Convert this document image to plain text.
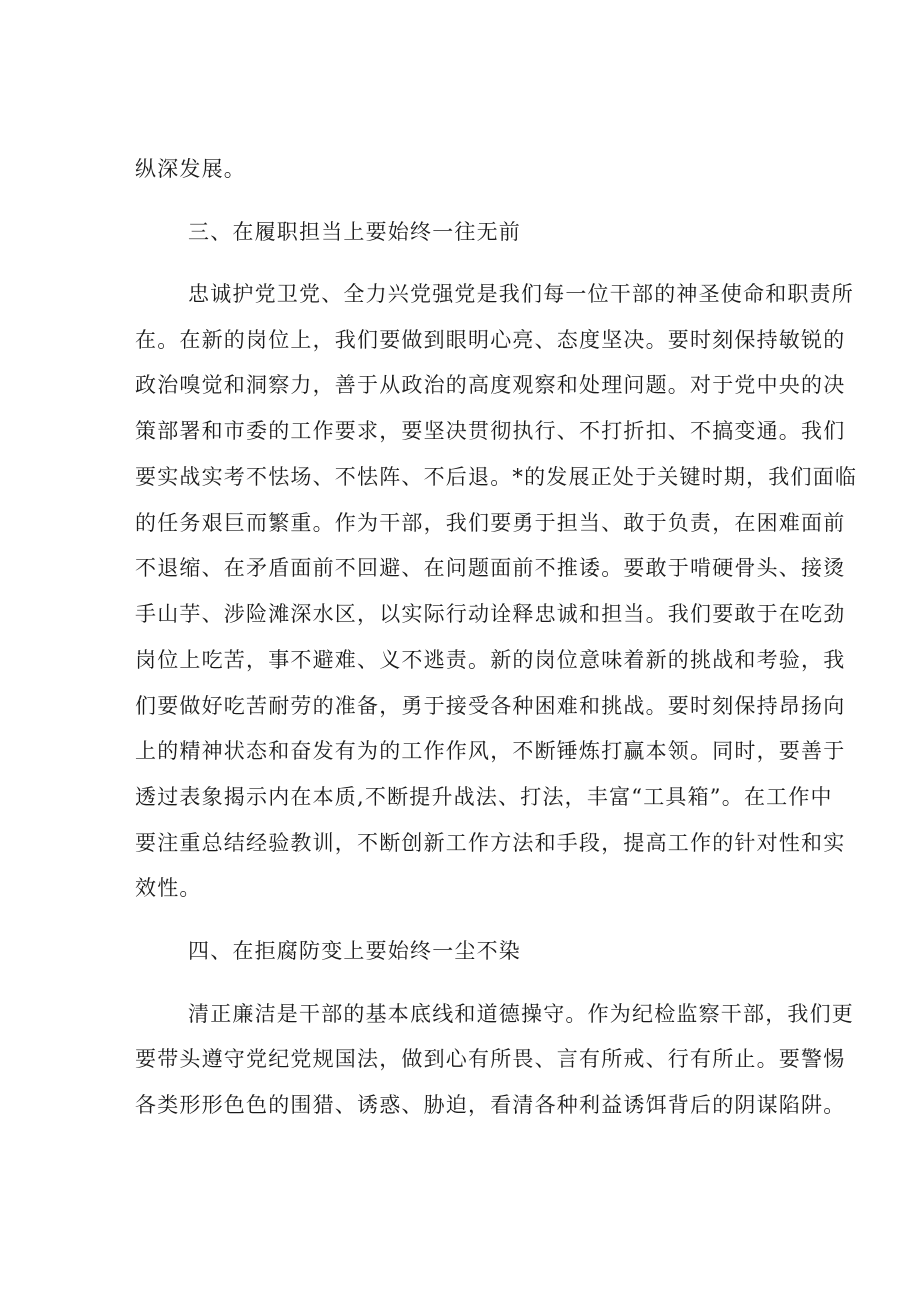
纵深发展。
三、在履职担当上要始终一往无前
忠诚护党卫党、全力兴党强党是我们每一位干部的神圣使命和职责所
在。在新的岗位上，我们要做到眼明心亮、态度坚决。要时刻保持敏锐的
政治嗅觉和洞察力，善于从政治的高度观察和处理问题。对于党中央的决
策部署和市委的工作要求，要坚决贯彻执行、不打折扣、不搞变通。我们
要实战实考不怯场、不怯阵、不后退。*的发展正处于关键时期，我们面临
的任务艰巨而繁重。作为干部，我们要勇于担当、敢于负责，在困难面前
不退缩、在矛盾面前不回避、在问题面前不推诿。要敢于啃硬骨头、接烫
手山芋、涉险滩深水区，以实际行动诠释忠诚和担当。我们要敢于在吃劲
岗位上吃苦，事不避难、义不逃责。新的岗位意味着新的挑战和考验，我
们要做好吃苦耐劳的准备，勇于接受各种困难和挑战。要时刻保持昂扬向
上的精神状态和奋发有为的工作作风，不断锤炼打赢本领。同时，要善于
透过表象揭示内在本质,不断提升战法、打法，丰富“工具箱”。在工作中
要注重总结经验教训，不断创新工作方法和手段，提高工作的针对性和实
效性。
四、在拒腐防变上要始终一尘不染
清正廉洁是干部的基本底线和道德操守。作为纪检监察干部，我们更
要带头遵守党纪党规国法，做到心有所畏、言有所戒、行有所止。要警惕
各类形形色色的围猎、诱惑、胁迫，看清各种利益诱饵背后的阴谋陷阱。
